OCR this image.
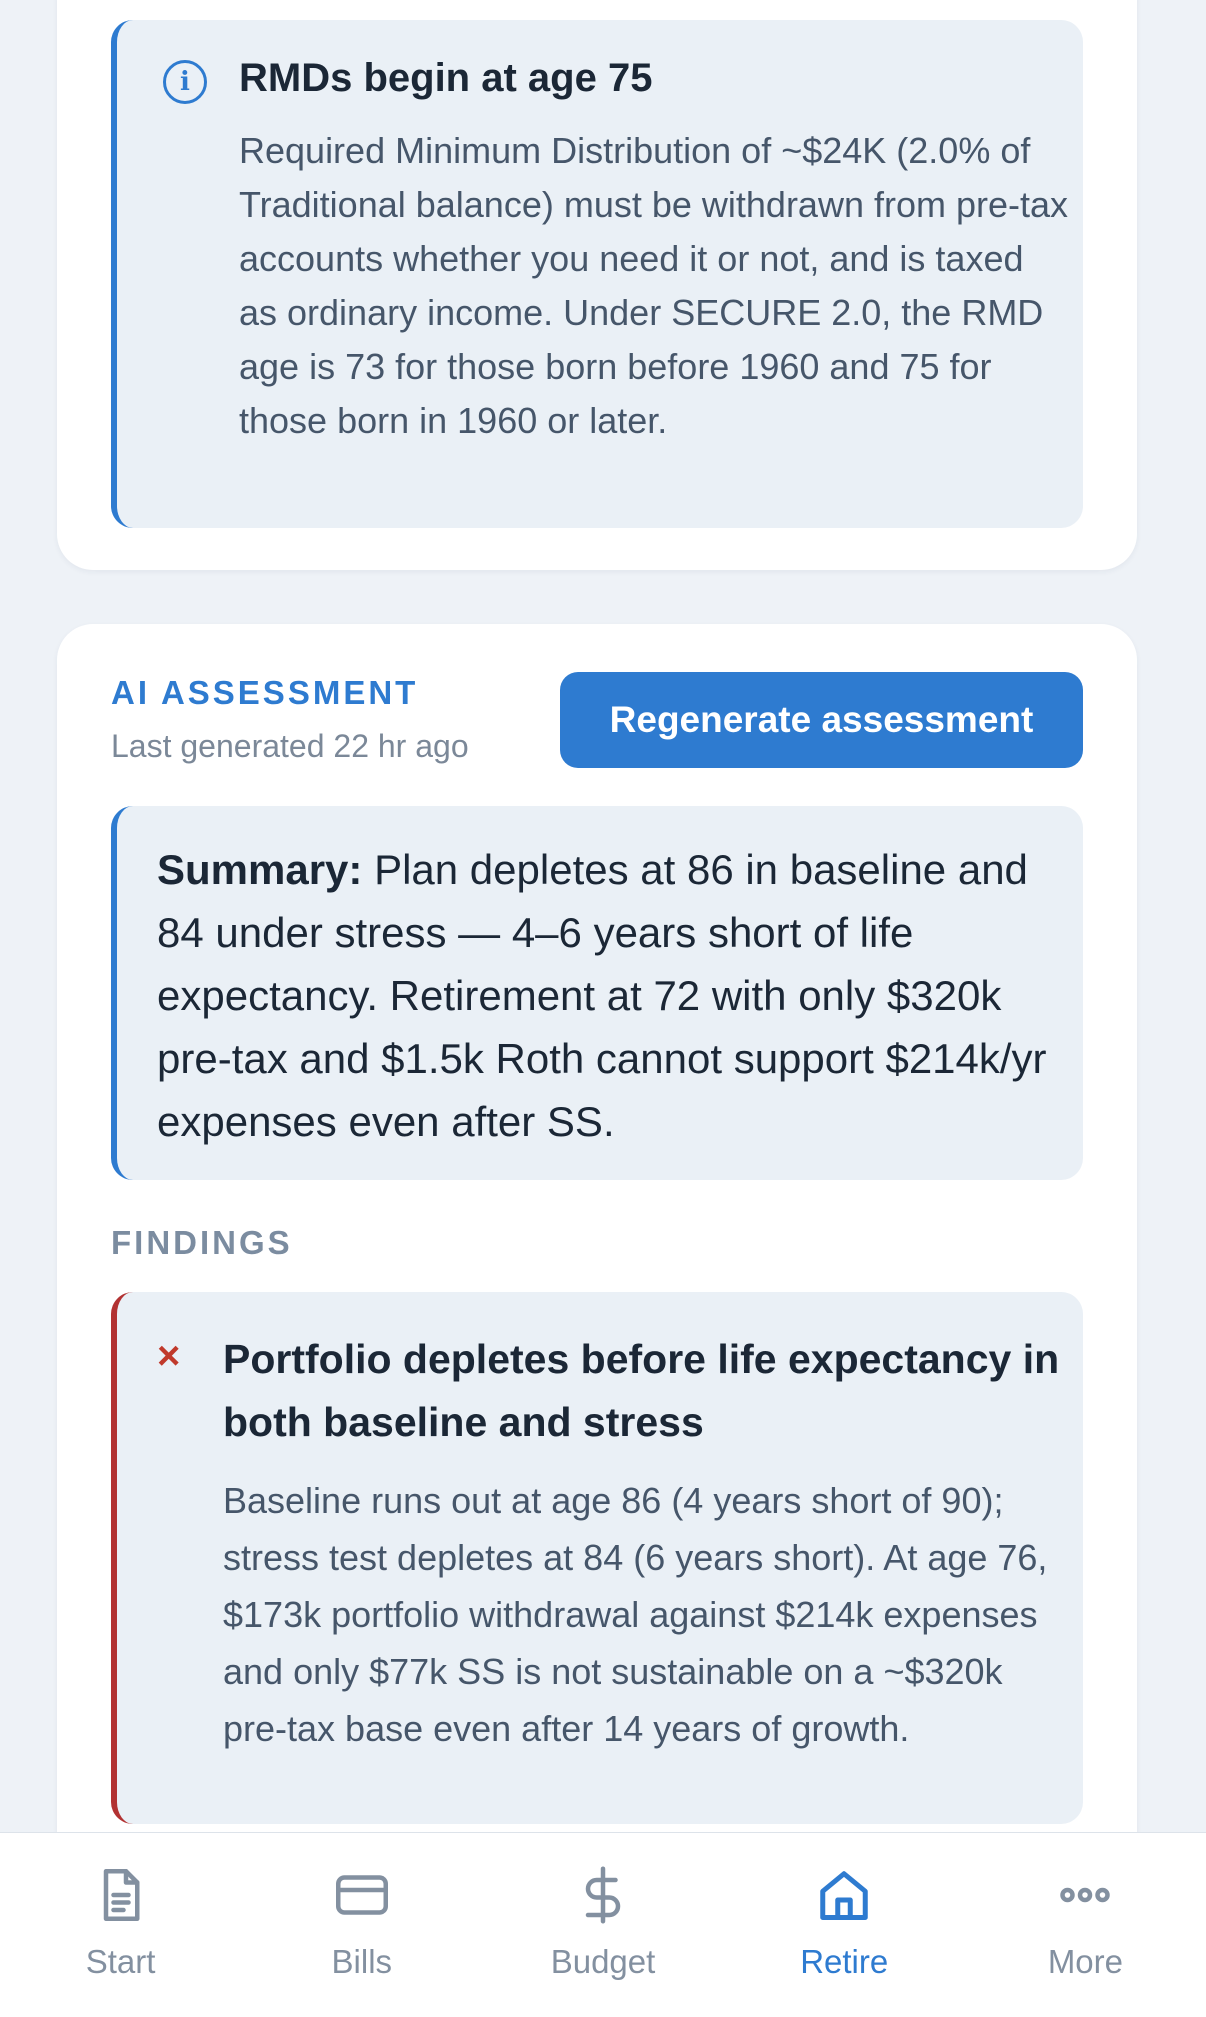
i	RMDs begin at age 75
Required Minimum Distribution of ~$24K (2.0% of Traditional balance) must be withdrawn from pre-tax accounts whether you need it or not, and is taxed as ordinary income. Under SECURE 2.0, the RMD age is 73 for those born before 1960 and 75 for those born in 1960 or later.
AI ASSESSMENT
Last generated 22 hr ago
Regenerate assessment
Summary: Plan depletes at 86 in baseline and 84 under stress — 4–6 years short of life expectancy. Retirement at 72 with only $320k pre-tax and $1.5k Roth cannot support $214k/yr expenses even after SS.
FINDINGS
× Portfolio depletes before life expectancy in both baseline and stress
Baseline runs out at age 86 (4 years short of 90); stress test depletes at 84 (6 years short). At age 76, $173k portfolio withdrawal against $214k expenses and only $77k SS is not sustainable on a ~$320k pre-tax base even after 14 years of growth.
Start	Bills	Budget	Retire	More
